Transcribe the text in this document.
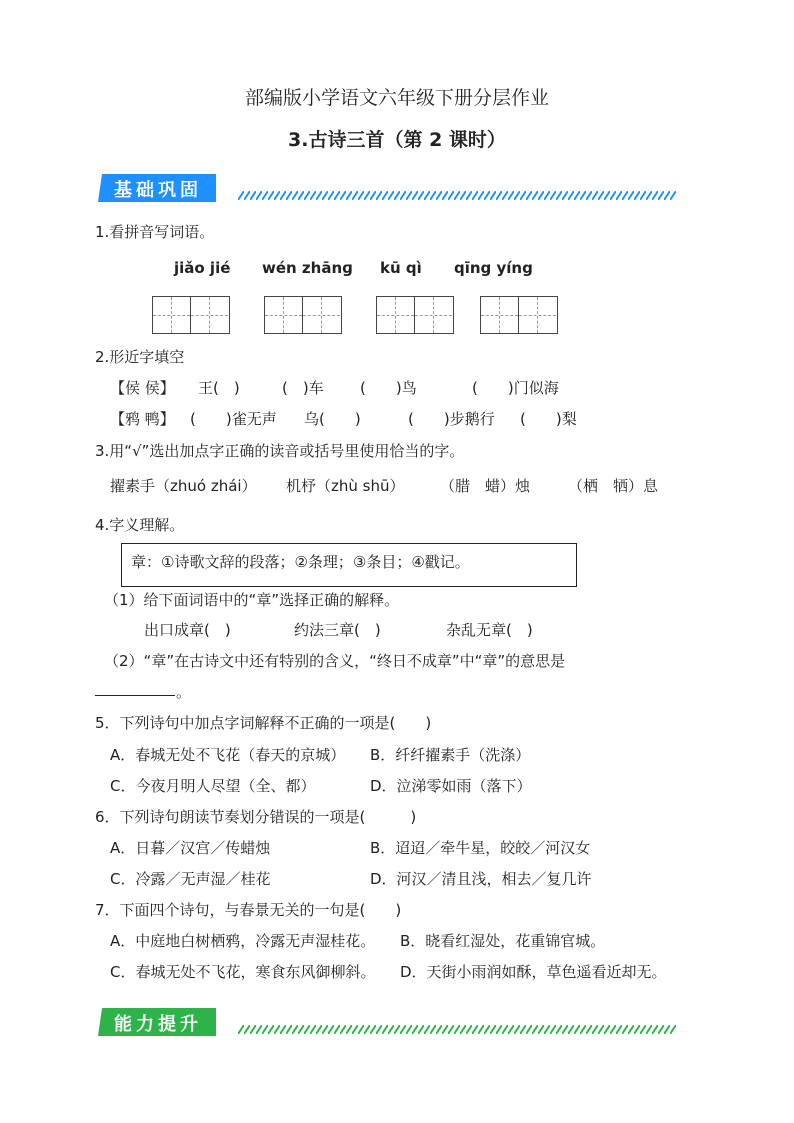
部编版小学语文六年级下册分层作业
3.古诗三首（第 2 课时）
基础巩固
1.看拼音写词语。
jiǎo jié wén zhānɡ kū qì qīng yíng
2.形近字填空
【侯 侯】 王(　)	(　)车 (　　)鸟	(　　)门似海
【鸦 鸭】 (　　)雀无声 乌(　　)	(　　)步鹅行 (　　)梨
3.用“√”选出加点字正确的读音或括号里使用恰当的字。
擢素手（zhuó zhái） 机杼（zhù shū） （腊　蜡）烛	（栖　牺）息
4.字义理解。
章：①诗歌文辞的段落；②条理；③条目；④戳记。
（1）给下面词语中的“章”选择正确的解释。
出口成章(　)	约法三章(　)	杂乱无章(　)
（2）“章”在古诗文中还有特别的含义，“终日不成章”中“章”的意思是
。
5．下列诗句中加点字词解释不正确的一项是(　　)
A．春城无处不飞花（春天的京城） B．纤纤擢素手（洗涤）
C．今夜月明人尽望（全、都）	D．泣涕零如雨（落下）
6．下列诗句朗读节奏划分错误的一项是(　　　)
A．日暮／汉宫／传蜡烛	B．迢迢／牵牛星，皎皎／河汉女
C．冷露／无声湿／桂花	D．河汉／清且浅，相去／复几许
7．下面四个诗句，与春景无关的一句是(　　)
A．中庭地白树栖鸦，冷露无声湿桂花。 B．晓看红湿处，花重锦官城。
C．春城无处不飞花，寒食东风御柳斜。 D．天街小雨润如酥，草色遥看近却无。
能力提升
